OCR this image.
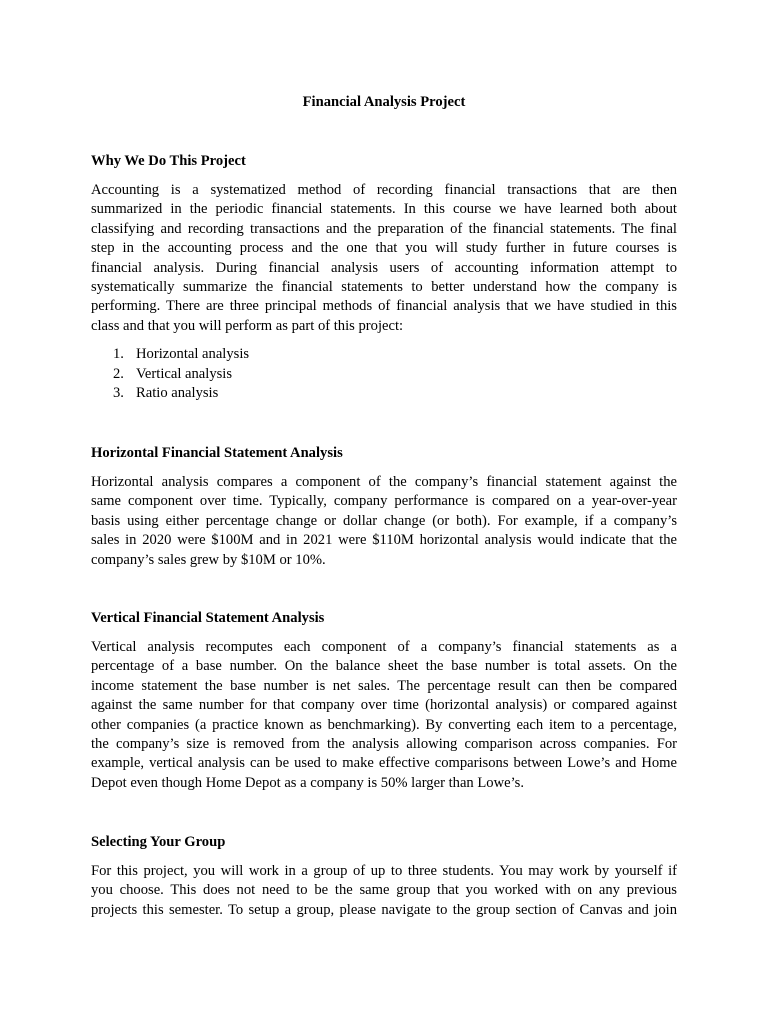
Financial Analysis Project
Why We Do This Project
Accounting is a systematized method of recording financial transactions that are then
summarized in the periodic financial statements. In this course we have learned both about
classifying and recording transactions and the preparation of the financial statements. The final
step in the accounting process and the one that you will study further in future courses is
financial analysis. During financial analysis users of accounting information attempt to
systematically summarize the financial statements to better understand how the company is
performing. There are three principal methods of financial analysis that we have studied in this
class and that you will perform as part of this project:
1. Horizontal analysis
2. Vertical analysis
3. Ratio analysis
Horizontal Financial Statement Analysis
Horizontal analysis compares a component of the company’s financial statement against the
same component over time. Typically, company performance is compared on a year-over-year
basis using either percentage change or dollar change (or both). For example, if a company’s
sales in 2020 were $100M and in 2021 were $110M horizontal analysis would indicate that the
company’s sales grew by $10M or 10%.
Vertical Financial Statement Analysis
Vertical analysis recomputes each component of a company’s financial statements as a
percentage of a base number. On the balance sheet the base number is total assets. On the
income statement the base number is net sales. The percentage result can then be compared
against the same number for that company over time (horizontal analysis) or compared against
other companies (a practice known as benchmarking). By converting each item to a percentage,
the company’s size is removed from the analysis allowing comparison across companies. For
example, vertical analysis can be used to make effective comparisons between Lowe’s and Home
Depot even though Home Depot as a company is 50% larger than Lowe’s.
Selecting Your Group
For this project, you will work in a group of up to three students. You may work by yourself if
you choose. This does not need to be the same group that you worked with on any previous
projects this semester. To setup a group, please navigate to the group section of Canvas and join
